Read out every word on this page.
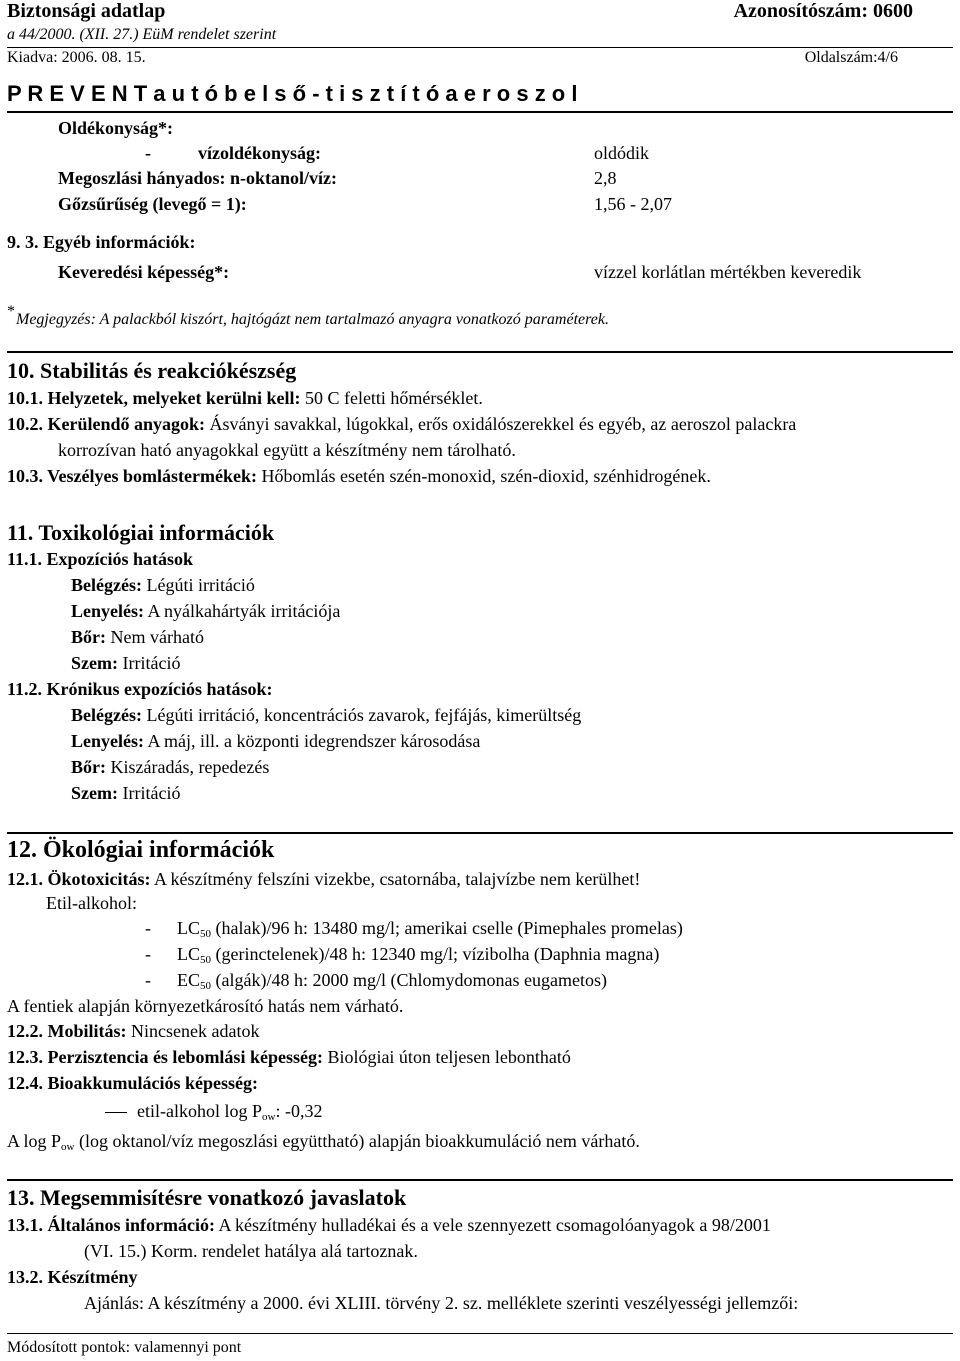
Biztonsági adatlap	Azonosítószám: 0600
a 44/2000. (XII. 27.) EüM rendelet szerint
Kiadva: 2006. 08. 15.	Oldalszám:4/6
P R E V E N T a u t ó b e l s ő - t i s z t í t ó a e r o s z o l
Oldékonyság*:
-	vízoldékonyság:	oldódik
Megoszlási hányados: n-oktanol/víz:	2,8
Gőzsűrűség (levegő = 1):	1,56 - 2,07
9. 3. Egyéb információk:
Keveredési képesség*:	vízzel korlátlan mértékben keveredik
* Megjegyzés: A palackból kiszórt, hajtógázt nem tartalmazó anyagra vonatkozó paraméterek.
10. Stabilitás és reakciókészség
10.1. Helyzetek, melyeket kerülni kell: 50 C feletti hőmérséklet.
10.2. Kerülendő anyagok: Ásványi savakkal, lúgokkal, erős oxidálószerekkel és egyéb, az aeroszol palackra
korrozívan ható anyagokkal együtt a készítmény nem tárolható.
10.3. Veszélyes bomlástermékek: Hőbomlás esetén szén-monoxid, szén-dioxid, szénhidrogének.
11. Toxikológiai információk
11.1. Expozíciós hatások
Belégzés: Légúti irritáció
Lenyelés: A nyálkahártyák irritációja
Bőr: Nem várható
Szem: Irritáció
11.2. Krónikus expozíciós hatások:
Belégzés: Légúti irritáció, koncentrációs zavarok, fejfájás, kimerültség
Lenyelés: A máj, ill. a központi idegrendszer károsodása
Bőr: Kiszáradás, repedezés
Szem: Irritáció
12. Ökológiai információk
12.1. Ökotoxicitás: A készítmény felszíni vizekbe, csatornába, talajvízbe nem kerülhet!
Etil-alkohol:
- $LC_{50}$ (halak)/96 h: 13480 mg/l; amerikai cselle (Pimephales promelas)
- $LC_{50}$ (gerinctelenek)/48 h: 12340 mg/l; vízibolha (Daphnia magna)
- $EC_{50}$ (algák)/48 h: 2000 mg/l (Chlomydomonas eugametos)
A fentiek alapján környezetkárosító hatás nem várható.
12.2. Mobilitás: Nincsenek adatok
12.3. Perzisztencia és lebomlási képesség: Biológiai úton teljesen lebontható
12.4. Bioakkumulációs képesség:
etil-alkohol $\log P_{ow}$: -0,32
A $\log P_{ow}$ (log oktanol/víz megoszlási együttható) alapján bioakkumuláció nem várható.
13. Megsemmisítésre vonatkozó javaslatok
13.1. Általános információ: A készítmény hulladékai és a vele szennyezett csomagolóanyagok a 98/2001
(VI. 15.) Korm. rendelet hatálya alá tartoznak.
13.2. Készítmény
Ajánlás: A készítmény a 2000. évi XLIII. törvény 2. sz. melléklete szerinti veszélyességi jellemzői:
Módosított pontok: valamennyi pont
